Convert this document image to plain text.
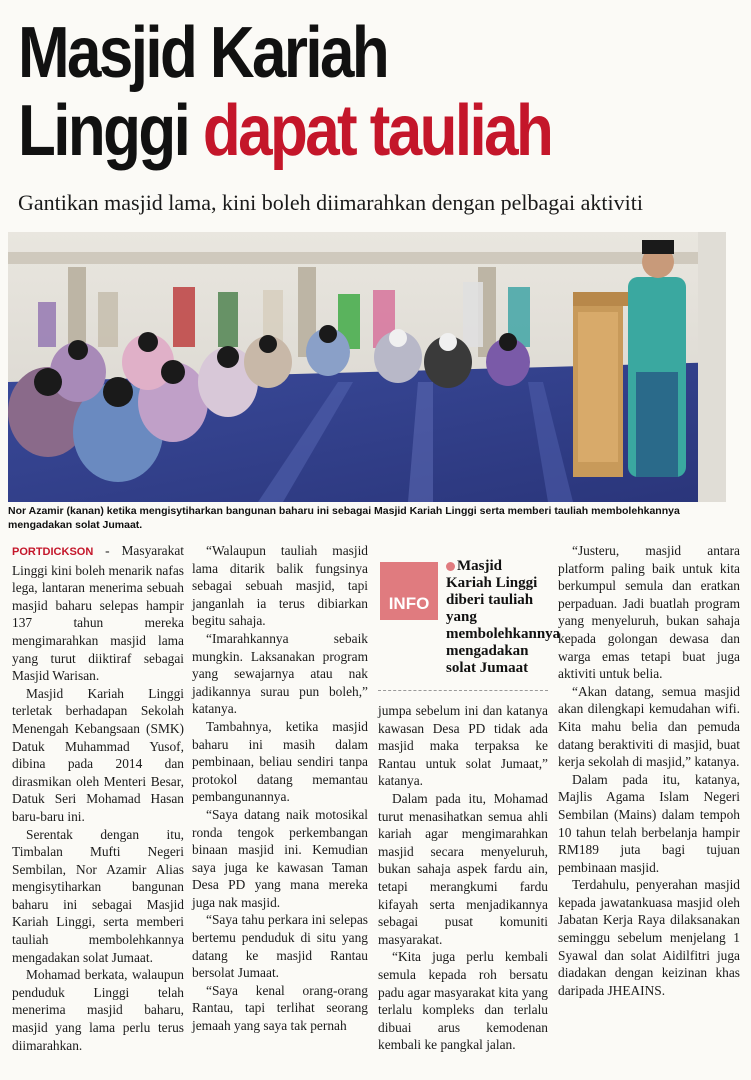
Masjid Kariah
Linggi dapat tauliah
Gantikan masjid lama, kini boleh diimarahkan dengan pelbagai aktiviti
Nor Azamir (kanan) ketika mengisytiharkan bangunan baharu ini sebagai Masjid Kariah Linggi serta memberi tauliah membolehkannya mengadakan solat Jumaat.

PORTDICKSON - Masyarakat Linggi kini boleh menarik nafas lega, lantaran menerima sebuah masjid baharu selepas hampir 137 tahun mereka mengimarahkan masjid lama yang turut diiktiraf sebagai Masjid Warisan.

Masjid Kariah Linggi terletak berhadapan Sekolah Menengah Kebangsaan (SMK) Datuk Muhammad Yusof, dibina pada 2014 dan dirasmikan oleh Menteri Besar, Datuk Seri Mohamad Hasan baru-baru ini.

Serentak dengan itu, Timbalan Mufti Negeri Sembilan, Nor Azamir Alias mengisytiharkan bangunan baharu ini sebagai Masjid Kariah Linggi, serta memberi tauliah membolehkannya mengadakan solat Jumaat.

Mohamad berkata, walaupun penduduk Linggi telah menerima masjid baharu, masjid yang lama perlu terus diimarahkan.

“Walaupun tauliah masjid lama ditarik balik fungsinya sebagai sebuah masjid, tapi janganlah ia terus dibiarkan begitu sahaja.

“Imarahkannya sebaik mungkin. Laksanakan program yang sewajarnya atau nak jadikannya surau pun boleh,” katanya.

Tambahnya, ketika masjid baharu ini masih dalam pembinaan, beliau sendiri tanpa protokol datang memantau pembangunannya.

“Saya datang naik motosikal ronda tengok perkembangan binaan masjid ini. Kemudian saya juga ke kawasan Taman Desa PD yang mana mereka juga nak masjid.

“Saya tahu perkara ini selepas bertemu penduduk di situ yang datang ke masjid Rantau bersolat Jumaat.

“Saya kenal orang-orang Rantau, tapi terlihat seorang jemaah yang saya tak pernah

INFO
Masjid Kariah Linggi diberi tauliah yang membolehkannya mengadakan solat Jumaat

jumpa sebelum ini dan katanya kawasan Desa PD tidak ada masjid maka terpaksa ke Rantau untuk solat Jumaat,” katanya.

Dalam pada itu, Mohamad turut menasihatkan semua ahli kariah agar mengimarahkan masjid secara menyeluruh, bukan sahaja aspek fardu ain, tetapi merangkumi fardu kifayah serta menjadikannya sebagai pusat komuniti masyarakat.

“Kita juga perlu kembali semula kepada roh bersatu padu agar masyarakat kita yang terlalu kompleks dan terlalu dibuai arus kemodenan kembali ke pangkal jalan.

“Justeru, masjid antara platform paling baik untuk kita berkumpul semula dan eratkan perpaduan. Jadi buatlah program yang menyeluruh, bukan sahaja kepada golongan dewasa dan warga emas tetapi buat juga aktiviti untuk belia.

“Akan datang, semua masjid akan dilengkapi kemudahan wifi. Kita mahu belia dan pemuda datang beraktiviti di masjid, buat kerja sekolah di masjid,” katanya.

Dalam pada itu, katanya, Majlis Agama Islam Negeri Sembilan (Mains) dalam tempoh 10 tahun telah berbelanja hampir RM189 juta bagi tujuan pembinaan masjid.

Terdahulu, penyerahan masjid kepada jawatankuasa masjid oleh Jabatan Kerja Raya dilaksanakan seminggu sebelum menjelang 1 Syawal dan solat Aidilfitri juga diadakan dengan keizinan khas daripada JHEAINS.
